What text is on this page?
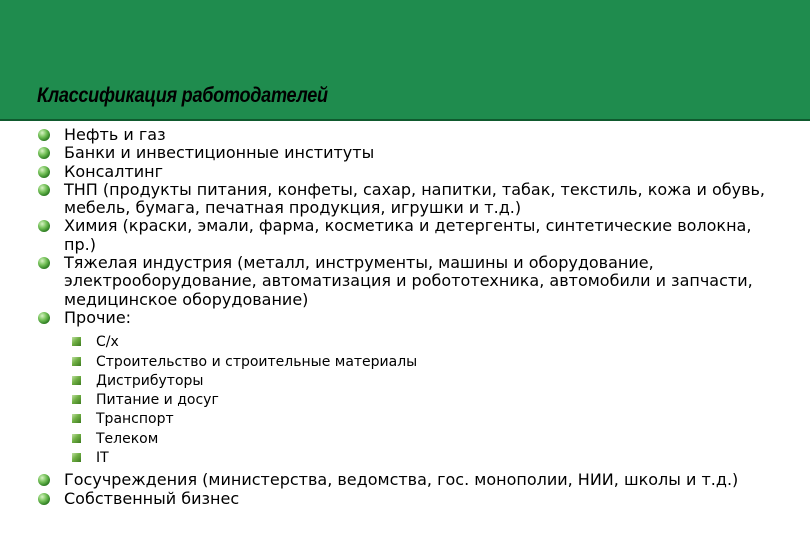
Классификация работодателей
Нефть и газ
Банки и инвестиционные институты
Консалтинг
ТНП (продукты питания, конфеты, сахар, напитки, табак, текстиль, кожа и обувь, мебель, бумага, печатная продукция, игрушки и т.д.)
Химия (краски, эмали, фарма, косметика и детергенты, синтетические волокна, пр.)
Тяжелая индустрия (металл, инструменты, машины и оборудование, электрооборудование, автоматизация и робототехника, автомобили и запчасти, медицинское оборудование)
Прочие:
С/х
Строительство и строительные материалы
Дистрибуторы
Питание и досуг
Транспорт
Телеком
IT
Госучреждения (министерства, ведомства, гос. монополии, НИИ, школы и т.д.)
Собственный бизнес
